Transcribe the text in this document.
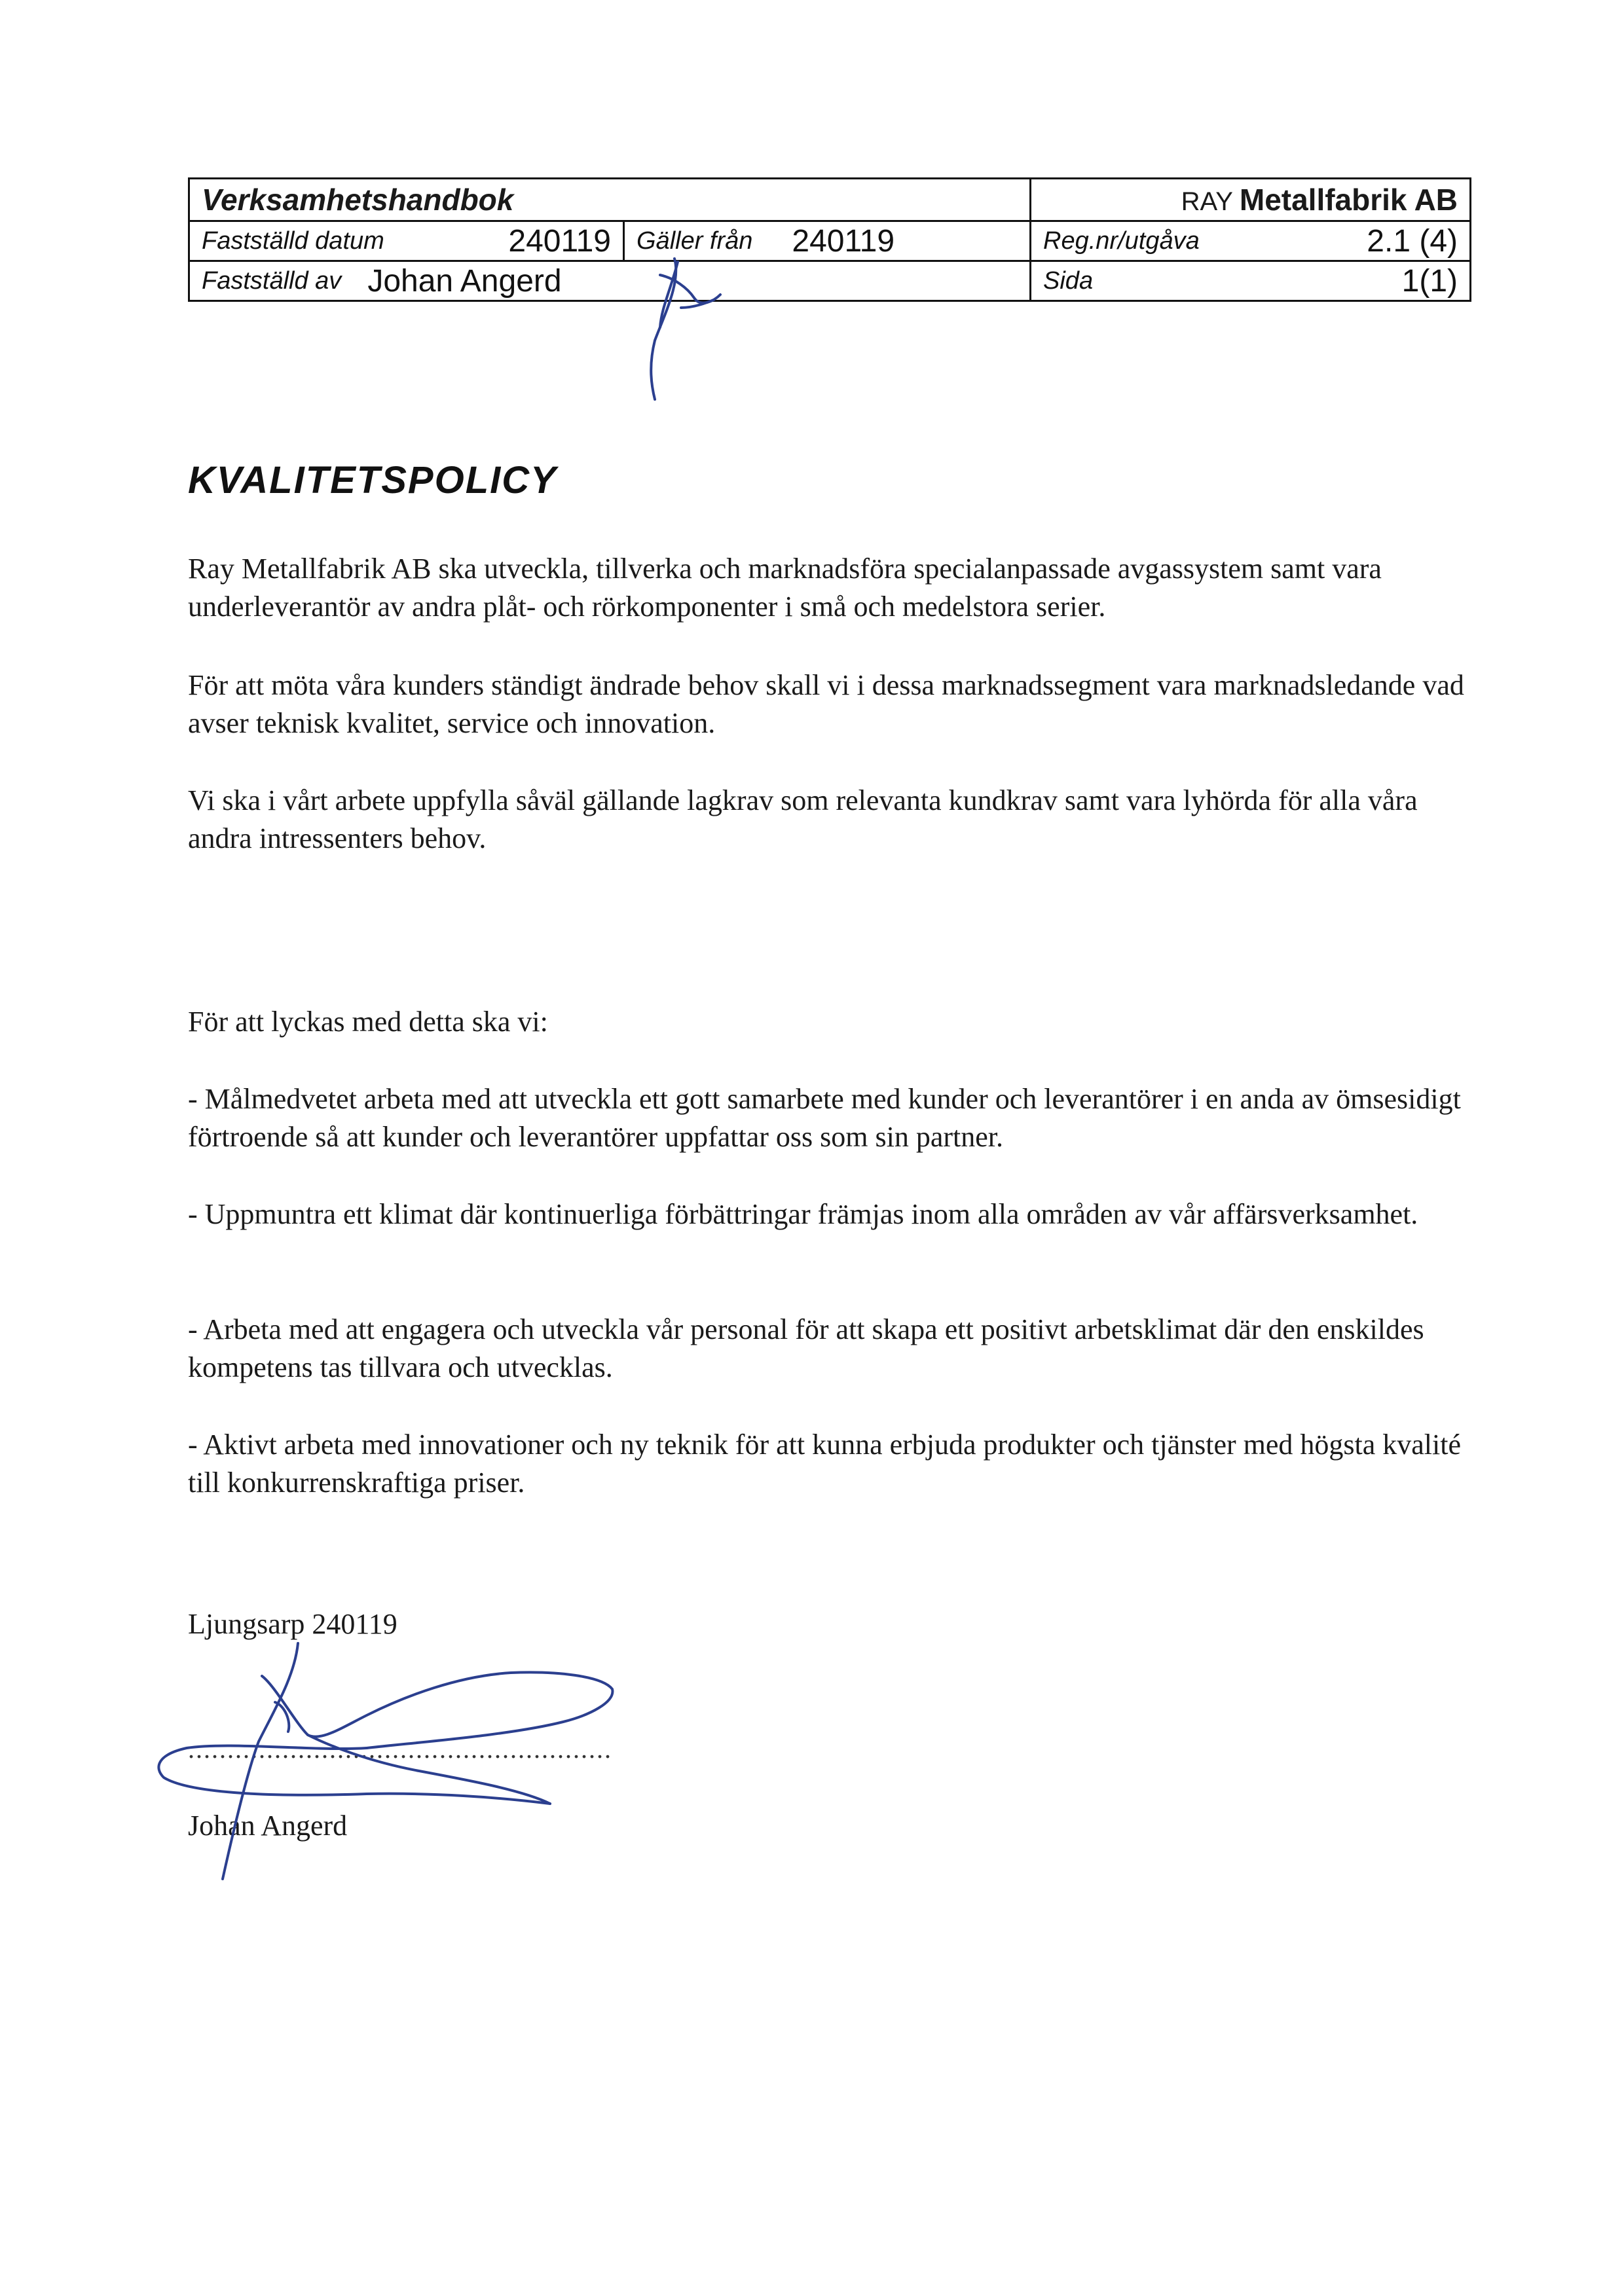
Verksamhetshandbok		RAY Metallfabrik AB

Fastställd datum 240119	Gäller från 240119	Reg.nr/utgåva 2.1 (4)

Fastställd av Johan Angerd		Sida 1(1)
KVALITETSPOLICY

Ray Metallfabrik AB ska utveckla, tillverka och marknadsföra specialanpassade avgassystem samt vara underleverantör av andra plåt- och rörkomponenter i små och medelstora serier.

För att möta våra kunders ständigt ändrade behov skall vi i dessa marknadssegment vara marknadsledande vad avser teknisk kvalitet, service och innovation.

Vi ska i vårt arbete uppfylla såväl gällande lagkrav som relevanta kundkrav samt vara lyhörda för alla våra andra intressenters behov.

För att lyckas med detta ska vi:

- Målmedvetet arbeta med att utveckla ett gott samarbete med kunder och leverantörer i en anda av ömsesidigt förtroende så att kunder och leverantörer uppfattar oss som sin partner.

- Uppmuntra ett klimat där kontinuerliga förbättringar främjas inom alla områden av vår affärsverksamhet.

- Arbeta med att engagera och utveckla vår personal för att skapa ett positivt arbetsklimat där den enskildes kompetens tas tillvara och utvecklas.

- Aktivt arbeta med innovationer och ny teknik för att kunna erbjuda produkter och tjänster med högsta kvalité till konkurrenskraftiga priser.

Ljungsarp 240119
......................................................
Johan Angerd
